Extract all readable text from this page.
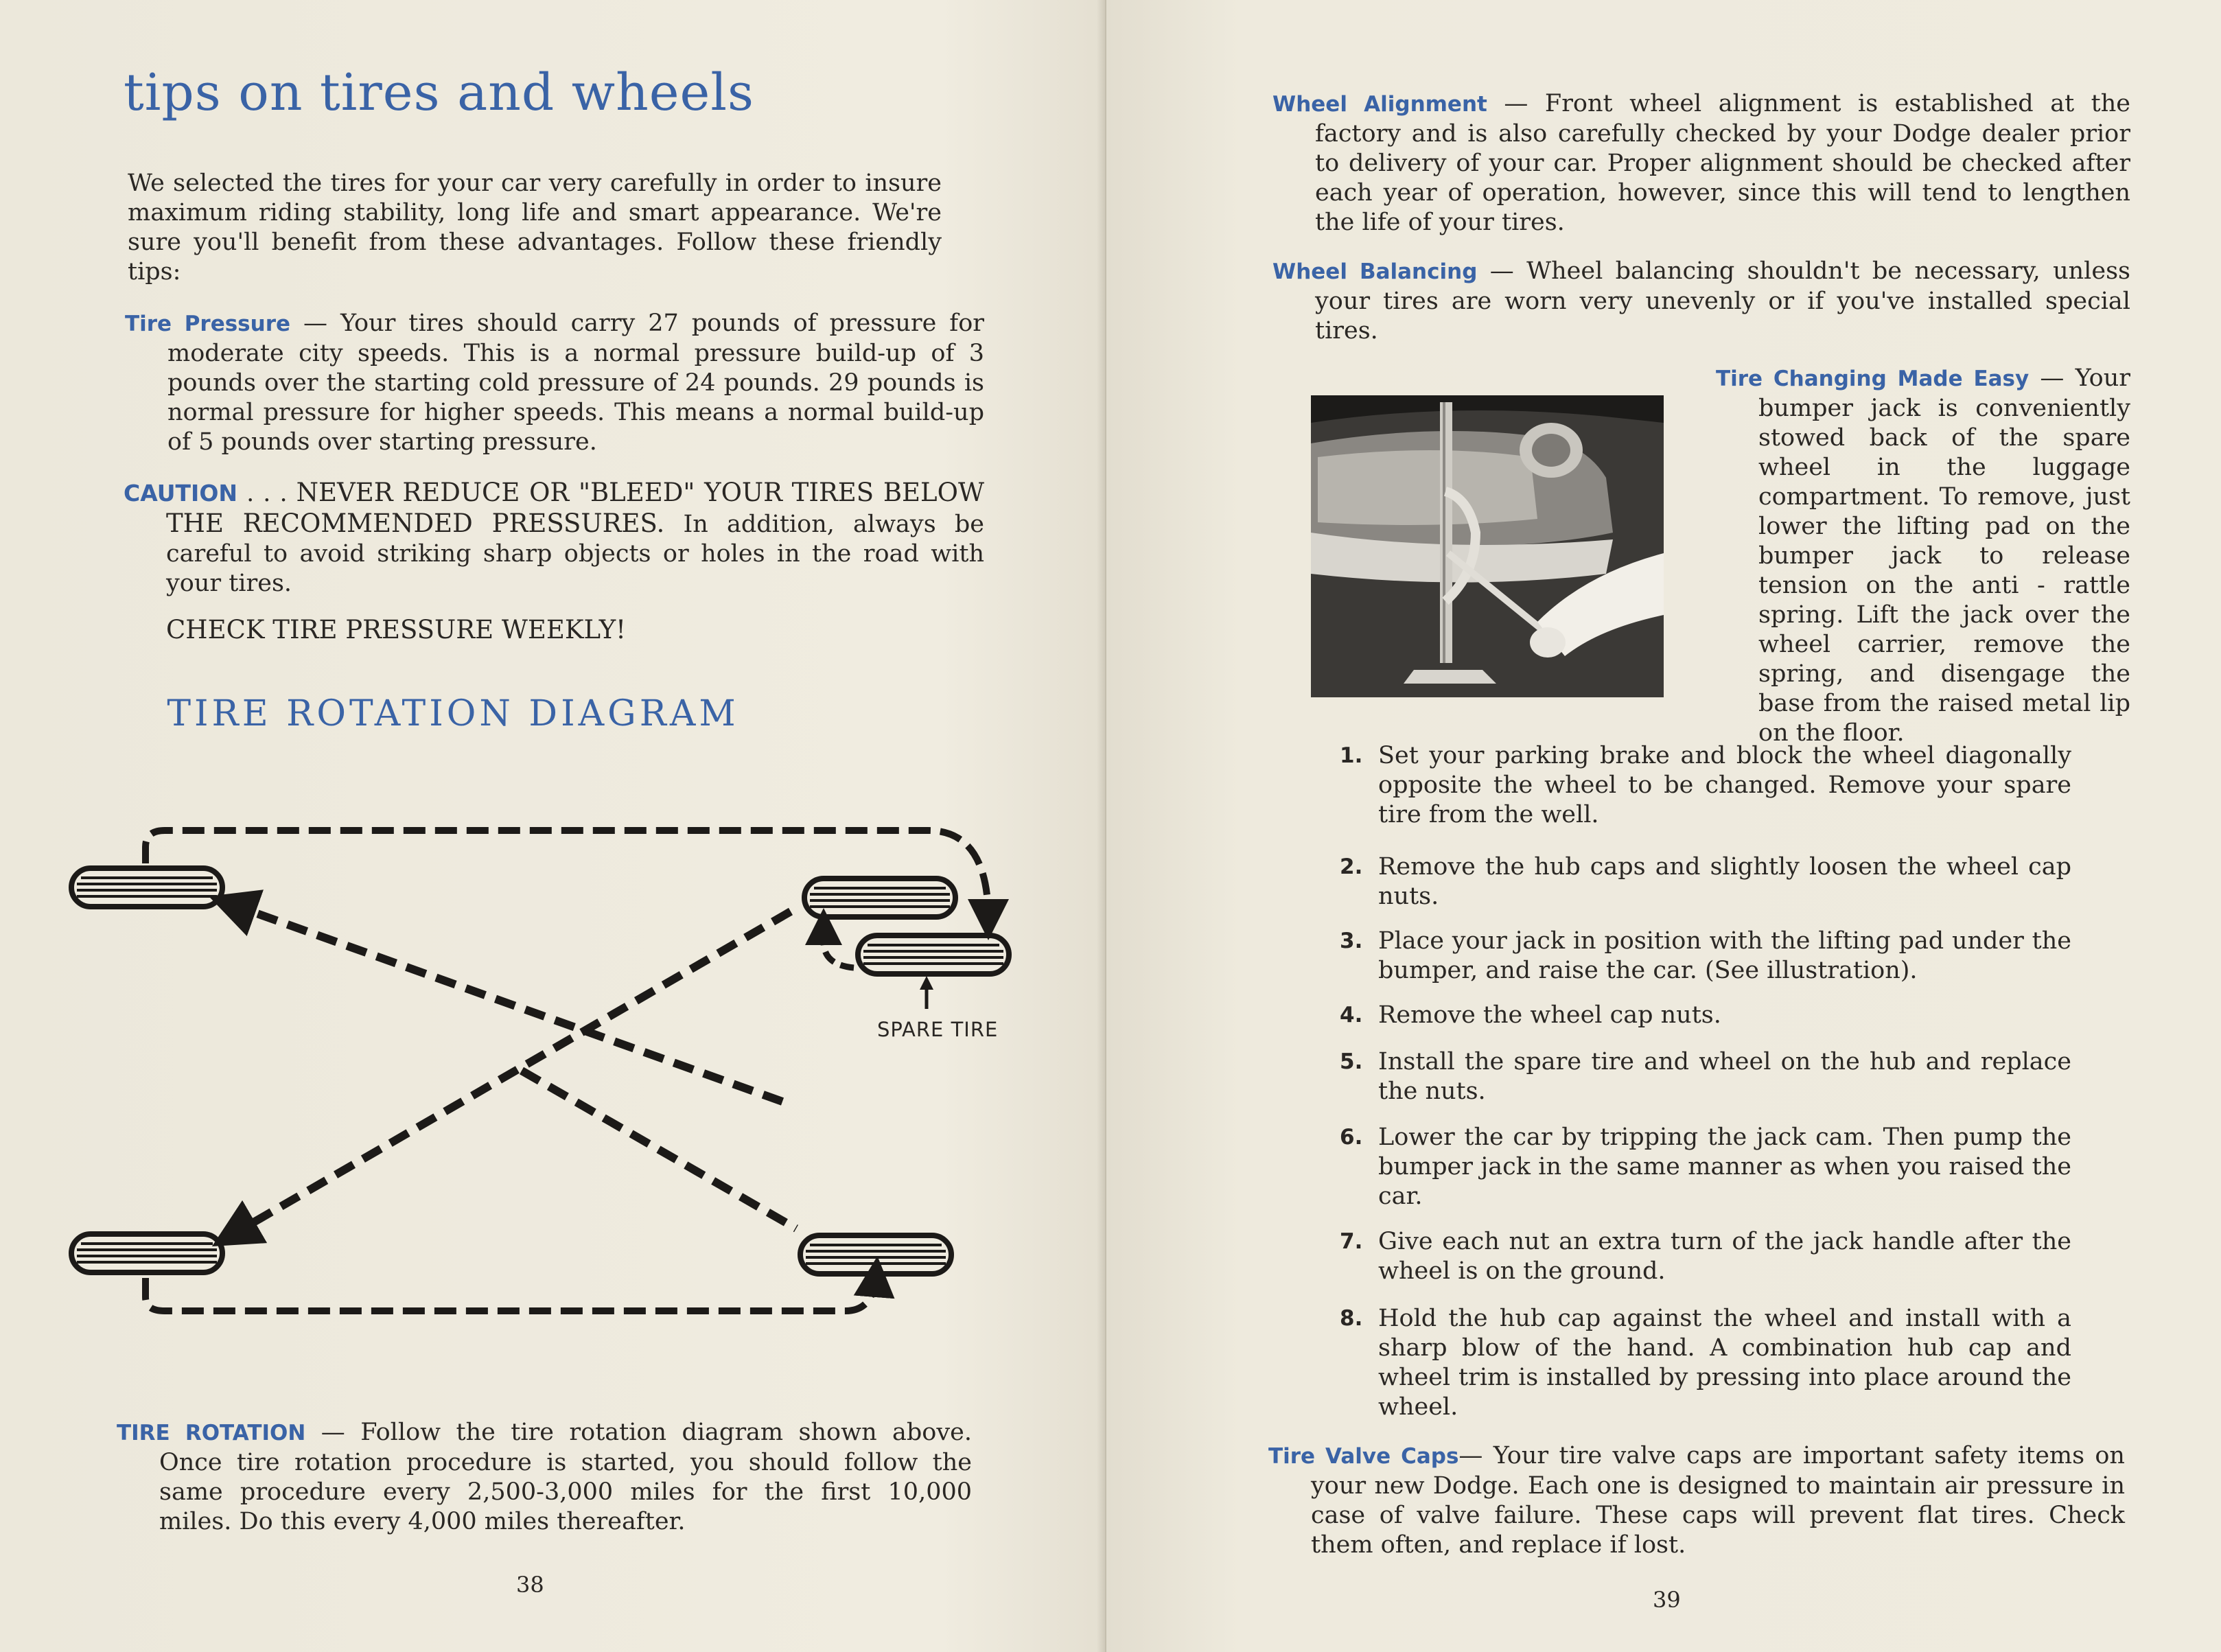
tips on tires and wheels

We selected the tires for your car very carefully in order to insure maximum riding stability, long life and smart appearance. We're sure you'll benefit from these advantages. Follow these friendly tips:

Tire Pressure — Your tires should carry 27 pounds of pressure for moderate city speeds. This is a normal pressure build-up of 3 pounds over the starting cold pressure of 24 pounds. 29 pounds is normal pressure for higher speeds. This means a normal build-up of 5 pounds over starting pressure.

CAUTION . . . NEVER REDUCE OR "BLEED" YOUR TIRES BELOW THE RECOMMENDED PRESSURES. In addition, always be careful to avoid striking sharp objects or holes in the road with your tires.

CHECK TIRE PRESSURE WEEKLY!

TIRE ROTATION DIAGRAM

SPARE TIRE

TIRE ROTATION — Follow the tire rotation diagram shown above. Once tire rotation procedure is started, you should follow the same procedure every 2,500-3,000 miles for the first 10,000 miles. Do this every 4,000 miles thereafter.

38

Wheel Alignment — Front wheel alignment is established at the factory and is also carefully checked by your Dodge dealer prior to delivery of your car. Proper alignment should be checked after each year of operation, however, since this will tend to lengthen the life of your tires.

Wheel Balancing — Wheel balancing shouldn't be necessary, unless your tires are worn very unevenly or if you've installed special tires.

Tire Changing Made Easy — Your bumper jack is conveniently stowed back of the spare wheel in the luggage compartment. To remove, just lower the lifting pad on the bumper jack to release tension on the anti - rattle spring. Lift the jack over the wheel carrier, remove the spring, and disengage the base from the raised metal lip on the floor.

1. Set your parking brake and block the wheel diagonally opposite the wheel to be changed. Remove your spare tire from the well.
2. Remove the hub caps and slightly loosen the wheel cap nuts.
3. Place your jack in position with the lifting pad under the bumper, and raise the car. (See illustration).
4. Remove the wheel cap nuts.
5. Install the spare tire and wheel on the hub and replace the nuts.
6. Lower the car by tripping the jack cam. Then pump the bumper jack in the same manner as when you raised the car.
7. Give each nut an extra turn of the jack handle after the wheel is on the ground.
8. Hold the hub cap against the wheel and install with a sharp blow of the hand. A combination hub cap and wheel trim is installed by pressing into place around the wheel.

Tire Valve Caps— Your tire valve caps are important safety items on your new Dodge. Each one is designed to maintain air pressure in case of valve failure. These caps will prevent flat tires. Check them often, and replace if lost.

39
